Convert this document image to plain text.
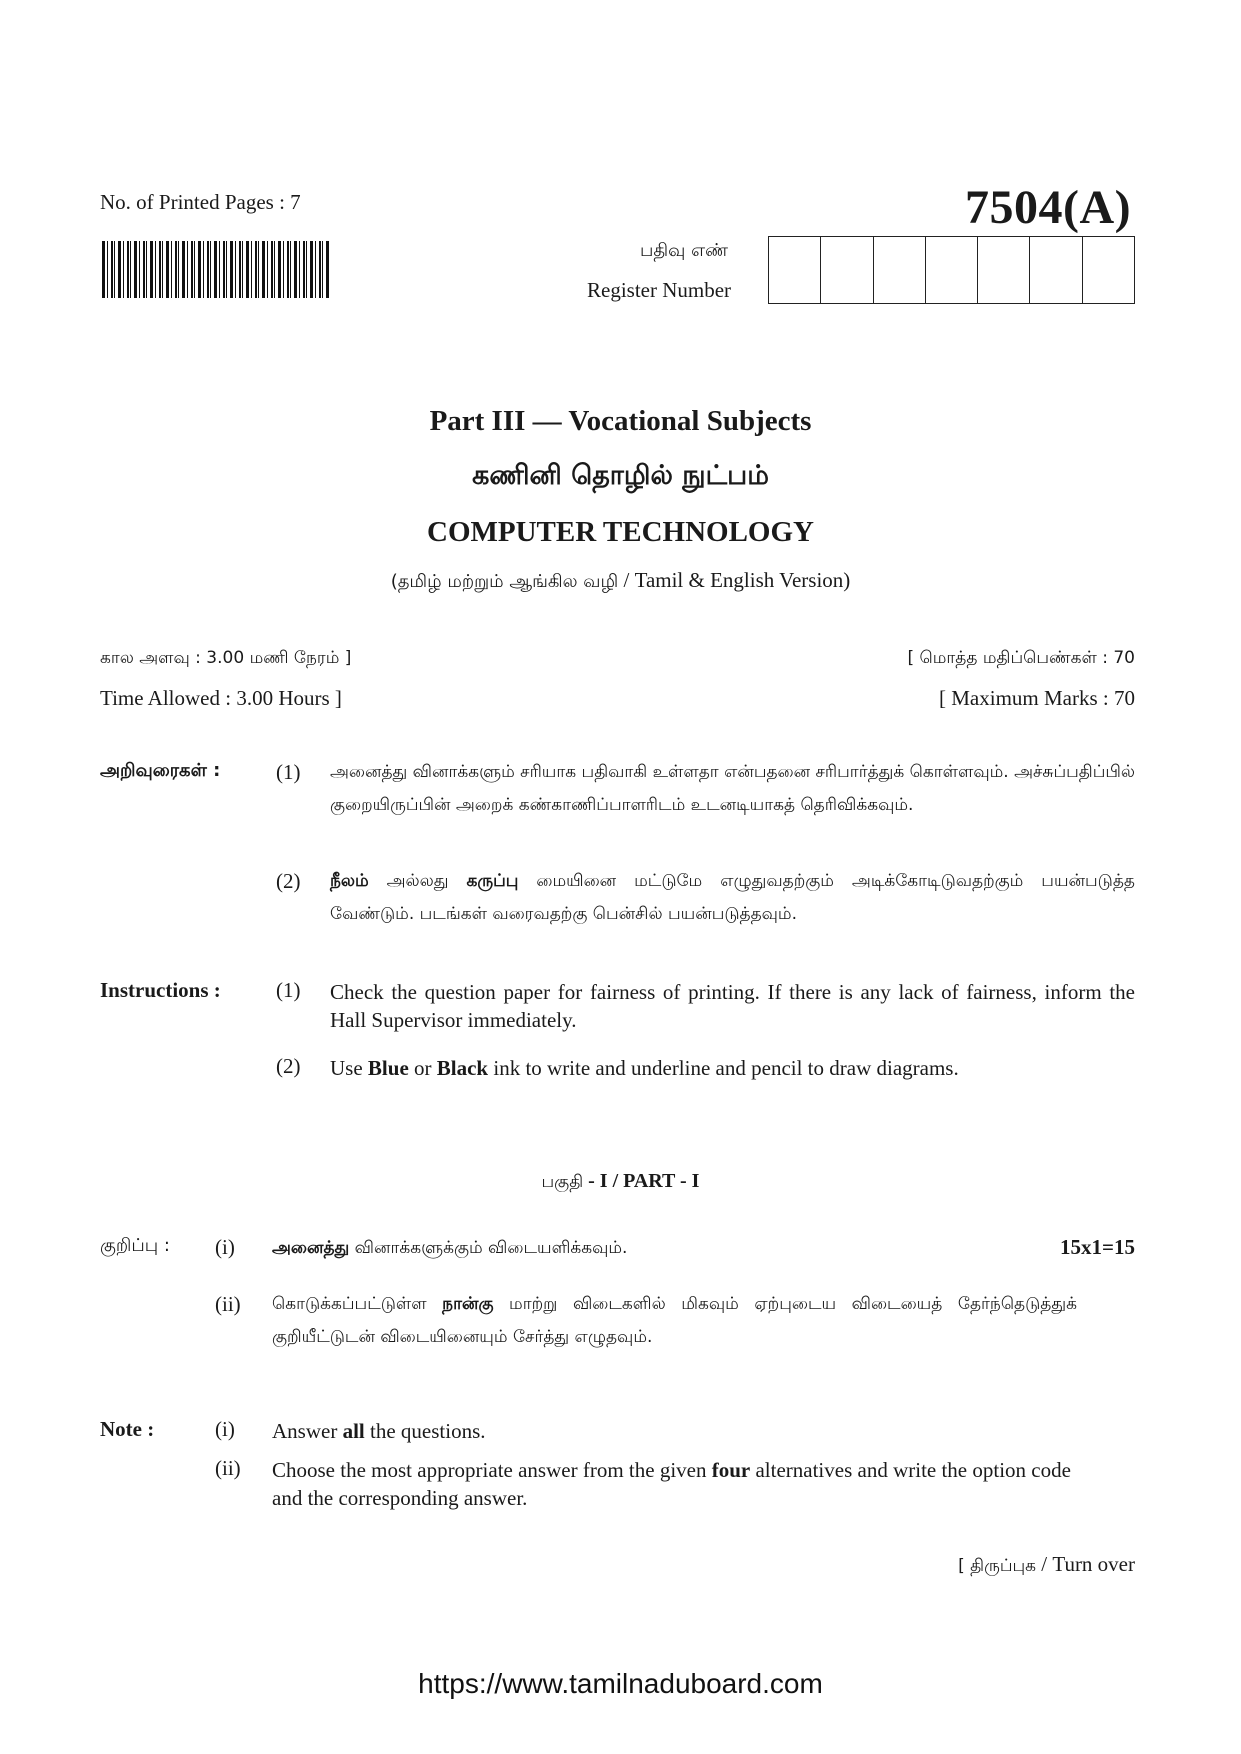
No. of Printed Pages : 7	7504(A)
பதிவு எண்
Register Number
Part III — Vocational Subjects
கணினி தொழில் நுட்பம்
COMPUTER TECHNOLOGY
(தமிழ் மற்றும் ஆங்கில வழி / Tamil & English Version)
கால அளவு : 3.00 மணி நேரம் ]
Time Allowed : 3.00 Hours ]
[ மொத்த மதிப்பெண்கள் : 70
[ Maximum Marks : 70
அறிவுரைகள் :	(1) அனைத்து வினாக்களும் சரியாக பதிவாகி உள்ளதா என்பதனை சரிபார்த்துக் கொள்ளவும். அச்சுப்பதிப்பில் குறையிருப்பின் அறைக் கண்காணிப்பாளரிடம் உடனடியாகத் தெரிவிக்கவும்.
(2) நீலம் அல்லது கருப்பு மையினை மட்டுமே எழுதுவதற்கும் அடிக்கோடிடுவதற்கும் பயன்படுத்த வேண்டும். படங்கள் வரைவதற்கு பென்சில் பயன்படுத்தவும்.
Instructions :	(1) Check the question paper for fairness of printing. If there is any lack of fairness, inform the Hall Supervisor immediately.
(2) Use Blue or Black ink to write and underline and pencil to draw diagrams.
பகுதி - I / PART - I
குறிப்பு : (i) அனைத்து வினாக்களுக்கும் விடையளிக்கவும்.	15x1=15
(ii) கொடுக்கப்பட்டுள்ள நான்கு மாற்று விடைகளில் மிகவும் ஏற்புடைய விடையைத் தேர்ந்தெடுத்துக் குறியீட்டுடன் விடையினையும் சேர்த்து எழுதவும்.
Note :	(i) Answer all the questions.
(ii) Choose the most appropriate answer from the given four alternatives and write the option code and the corresponding answer.
[ திருப்புக / Turn over
https://www.tamilnaduboard.com
